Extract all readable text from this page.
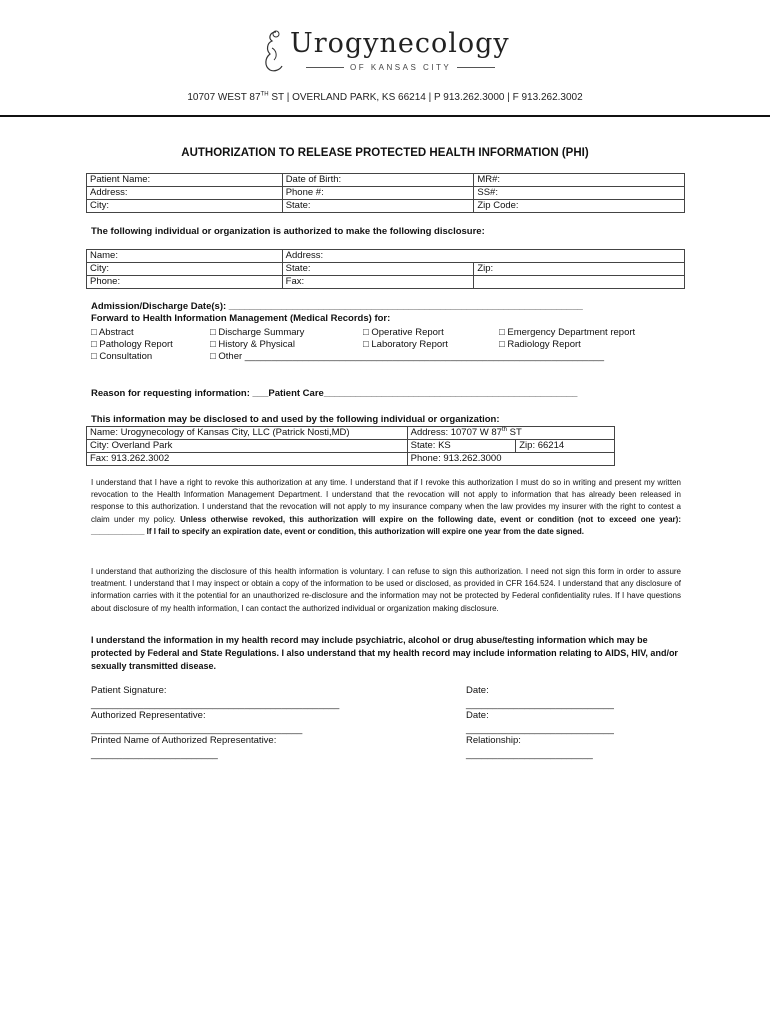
Urogynecology
OF KANSAS CITY
10707 WEST 87TH ST | OVERLAND PARK, KS 66214 | P 913.262.3000 | F 913.262.3002
AUTHORIZATION TO RELEASE PROTECTED HEALTH INFORMATION (PHI)
Patient Name:	Date of Birth:	MR#:
Address:	Phone #:	SS#:
City:	State:	Zip Code:
The following individual or organization is authorized to make the following disclosure:
Name:	Address:	
City:	State:	Zip:
Phone:	Fax:	
Admission/Discharge Date(s): ___________________________________________________________________
Forward to Health Information Management (Medical Records) for:
□ Abstract	□ Discharge Summary	□ Operative Report	□ Emergency Department report
□ Pathology Report	□ History & Physical	□ Laboratory Report	□ Radiology Report
□ Consultation	□ Other ____________________________________________________________________
Reason for requesting information: ___Patient Care________________________________________________
This information may be disclosed to and used by the following individual or organization:
Name: Urogynecology of Kansas City, LLC (Patrick Nosti,MD)	Address: 10707 W 87th ST	
City: Overland Park	State: KS	Zip: 66214
Fax: 913.262.3002	Phone: 913.262.3000	
I understand that I have a right to revoke this authorization at any time. I understand that if I revoke this authorization I must do so in writing and present my written revocation to the Health Information Management Department. I understand that the revocation will not apply to information that has already been released in response to this authorization. I understand that the revocation will not apply to my insurance company when the law provides my insurer with the right to contest a claim under my policy. Unless otherwise revoked, this authorization will expire on the following date, event or condition (not to exceed one year): ____________ If I fail to specify an expiration date, event or condition, this authorization will expire one year from the date signed.
I understand that authorizing the disclosure of this health information is voluntary. I can refuse to sign this authorization. I need not sign this form in order to assure treatment. I understand that I may inspect or obtain a copy of the information to be used or disclosed, as provided in CFR 164.524. I understand that any disclosure of information carries with it the potential for an unauthorized re-disclosure and the information may not be protected by Federal confidentiality rules. If I have questions about disclosure of my health information, I can contact the authorized individual or organization making disclosure.
I understand the information in my health record may include psychiatric, alcohol or drug abuse/testing information which may be protected by Federal and State Regulations. I also understand that my health record may include information relating to AIDS, HIV, and/or sexually transmitted disease.
Patient Signature:
_______________________________________________
Date:
____________________________
Authorized Representative:
________________________________________
Date:
____________________________
Printed Name of Authorized Representative:
________________________
Relationship:
________________________
